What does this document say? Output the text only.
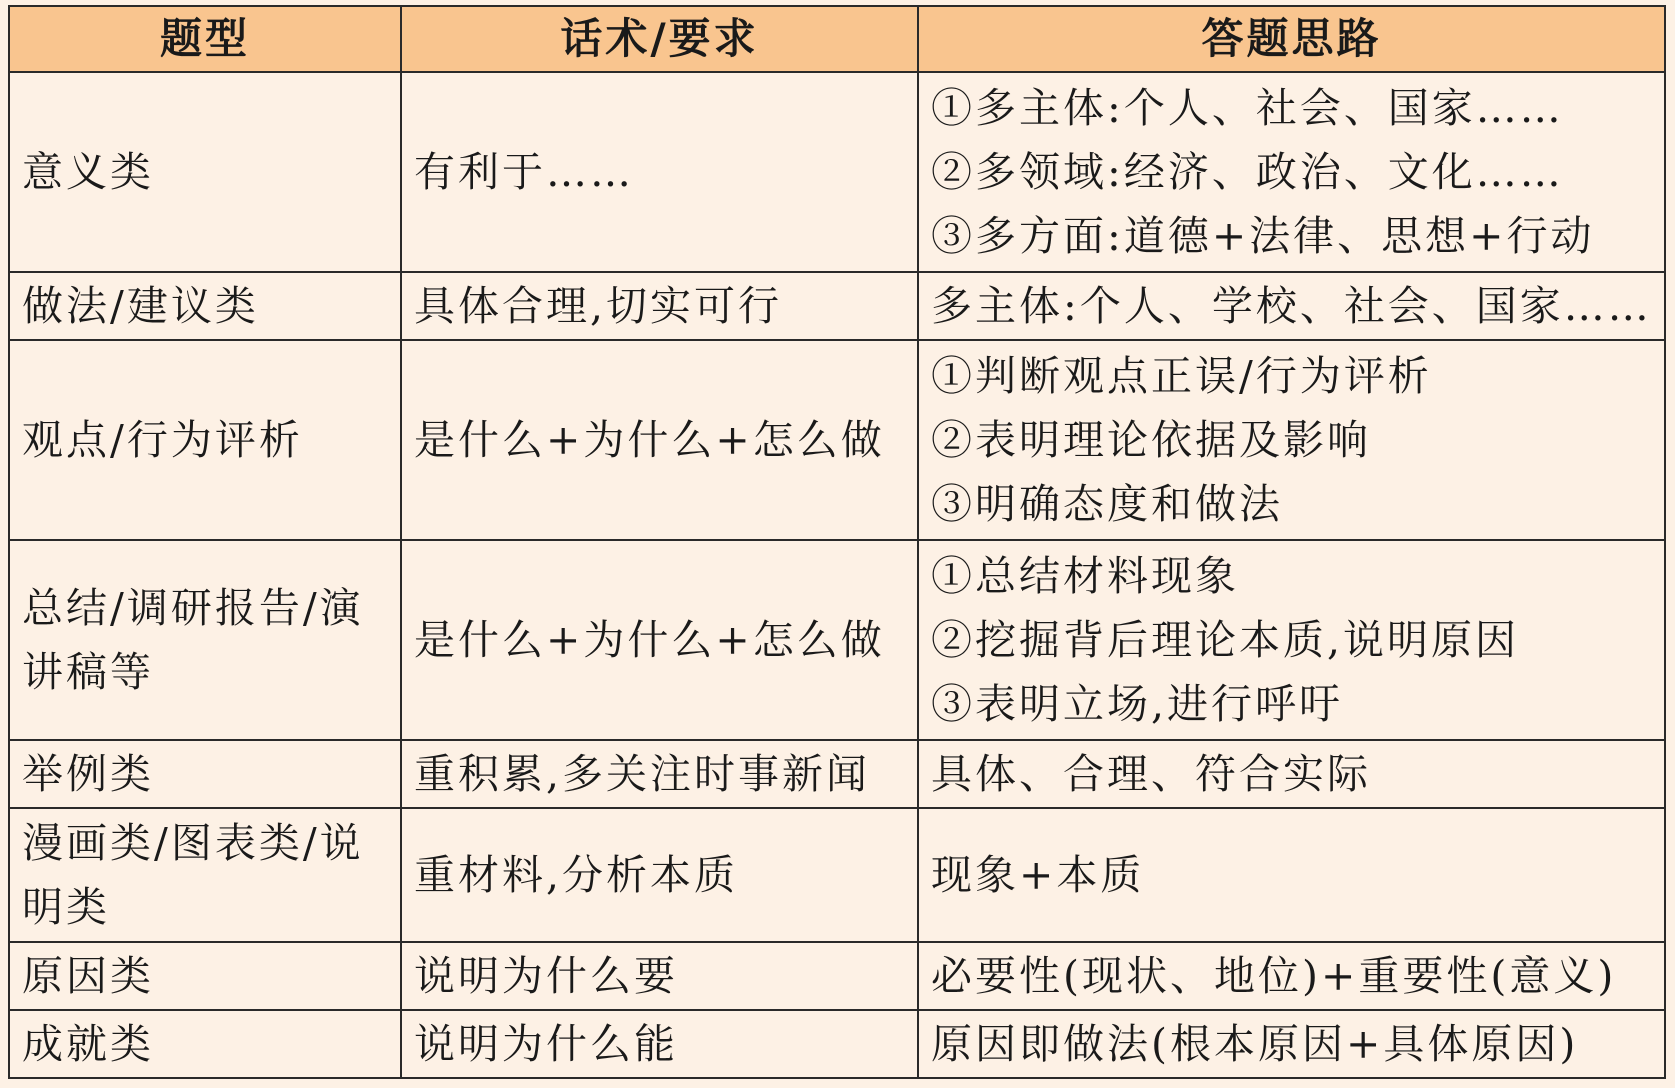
题型	话术/要求	答题思路
意义类	有利于……	①多主体:个人、社会、国家……
②多领域:经济、政治、文化……
③多方面:道德+法律、思想+行动

做法/建议类	具体合理,切实可行	多主体:个人、学校、社会、国家……

观点/行为评析	是什么+为什么+怎么做	①判断观点正误/行为评析
②表明理论依据及影响
③明确态度和做法

总结/调研报告/演讲稿等	是什么+为什么+怎么做	①总结材料现象
②挖掘背后理论本质,说明原因
③表明立场,进行呼吁

举例类	重积累,多关注时事新闻	具体、合理、符合实际

漫画类/图表类/说明类	重材料,分析本质	现象+本质

原因类	说明为什么要	必要性(现状、地位)+重要性(意义)

成就类	说明为什么能	原因即做法(根本原因+具体原因)
